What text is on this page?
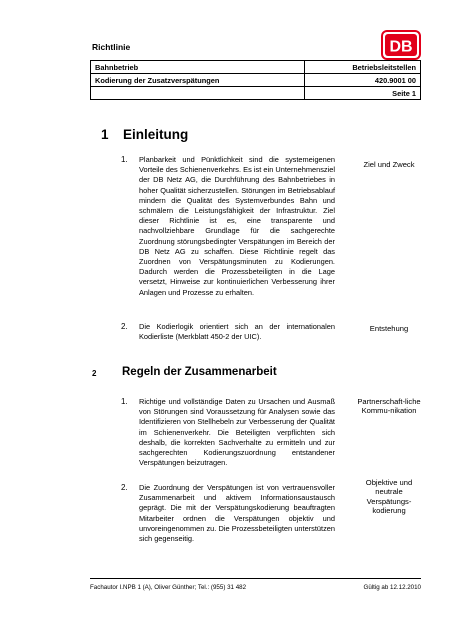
Richtlinie	DB
Bahnbetrieb	Betriebsleitstellen
Kodierung der Zusatzverspätungen	420.9001 00
	Seite 1
1 Einleitung
1. Planbarkeit und Pünktlichkeit sind die systemeigenen Vorteile des Schienenverkehrs. Es ist ein Unternehmensziel der DB Netz AG, die Durchführung des Bahnbetriebes in hoher Qualität sicherzustellen. Störungen im Betriebsablauf mindern die Qualität des Systemverbundes Bahn und schmälern die Leistungsfähigkeit der Infrastruktur. Ziel dieser Richtlinie ist es, eine transparente und nachvollziehbare Grundlage für die sachgerechte Zuordnung störungsbedingter Verspätungen im Bereich der DB Netz AG zu schaffen. Diese Richtlinie regelt das Zuordnen von Verspätungsminuten zu Kodierungen. Dadurch werden die Prozessbeteiligten in die Lage versetzt, Hinweise zur kontinuierlichen Verbesserung ihrer Anlagen und Prozesse zu erhalten.
Ziel und Zweck
2. Die Kodierlogik orientiert sich an der internationalen Kodierliste (Merkblatt 450-2 der UIC).
Entstehung
2 Regeln der Zusammenarbeit
1. Richtige und vollständige Daten zu Ursachen und Ausmaß von Störungen sind Voraussetzung für Analysen sowie das Identifizieren von Stellhebeln zur Verbesserung der Qualität im Schienenverkehr. Die Beteiligten verpflichten sich deshalb, die korrekten Sachverhalte zu ermitteln und zur sachgerechten Kodierungszuordnung entstandener Verspätungen beizutragen.
Partnerschaft-liche Kommu-nikation
2. Die Zuordnung der Verspätungen ist von vertrauensvoller Zusammenarbeit und aktivem Informationsaustausch geprägt. Die mit der Verspätungskodierung beauftragten Mitarbeiter ordnen die Verspätungen objektiv und unvoreingenommen zu. Die Prozessbeteiligten unterstützen sich gegenseitig.
Objektive und neutrale Verspätungs-kodierung
Fachautor I.NPB 1 (A), Oliver Günther; Tel.: (955) 31 482	Gültig ab 12.12.2010
